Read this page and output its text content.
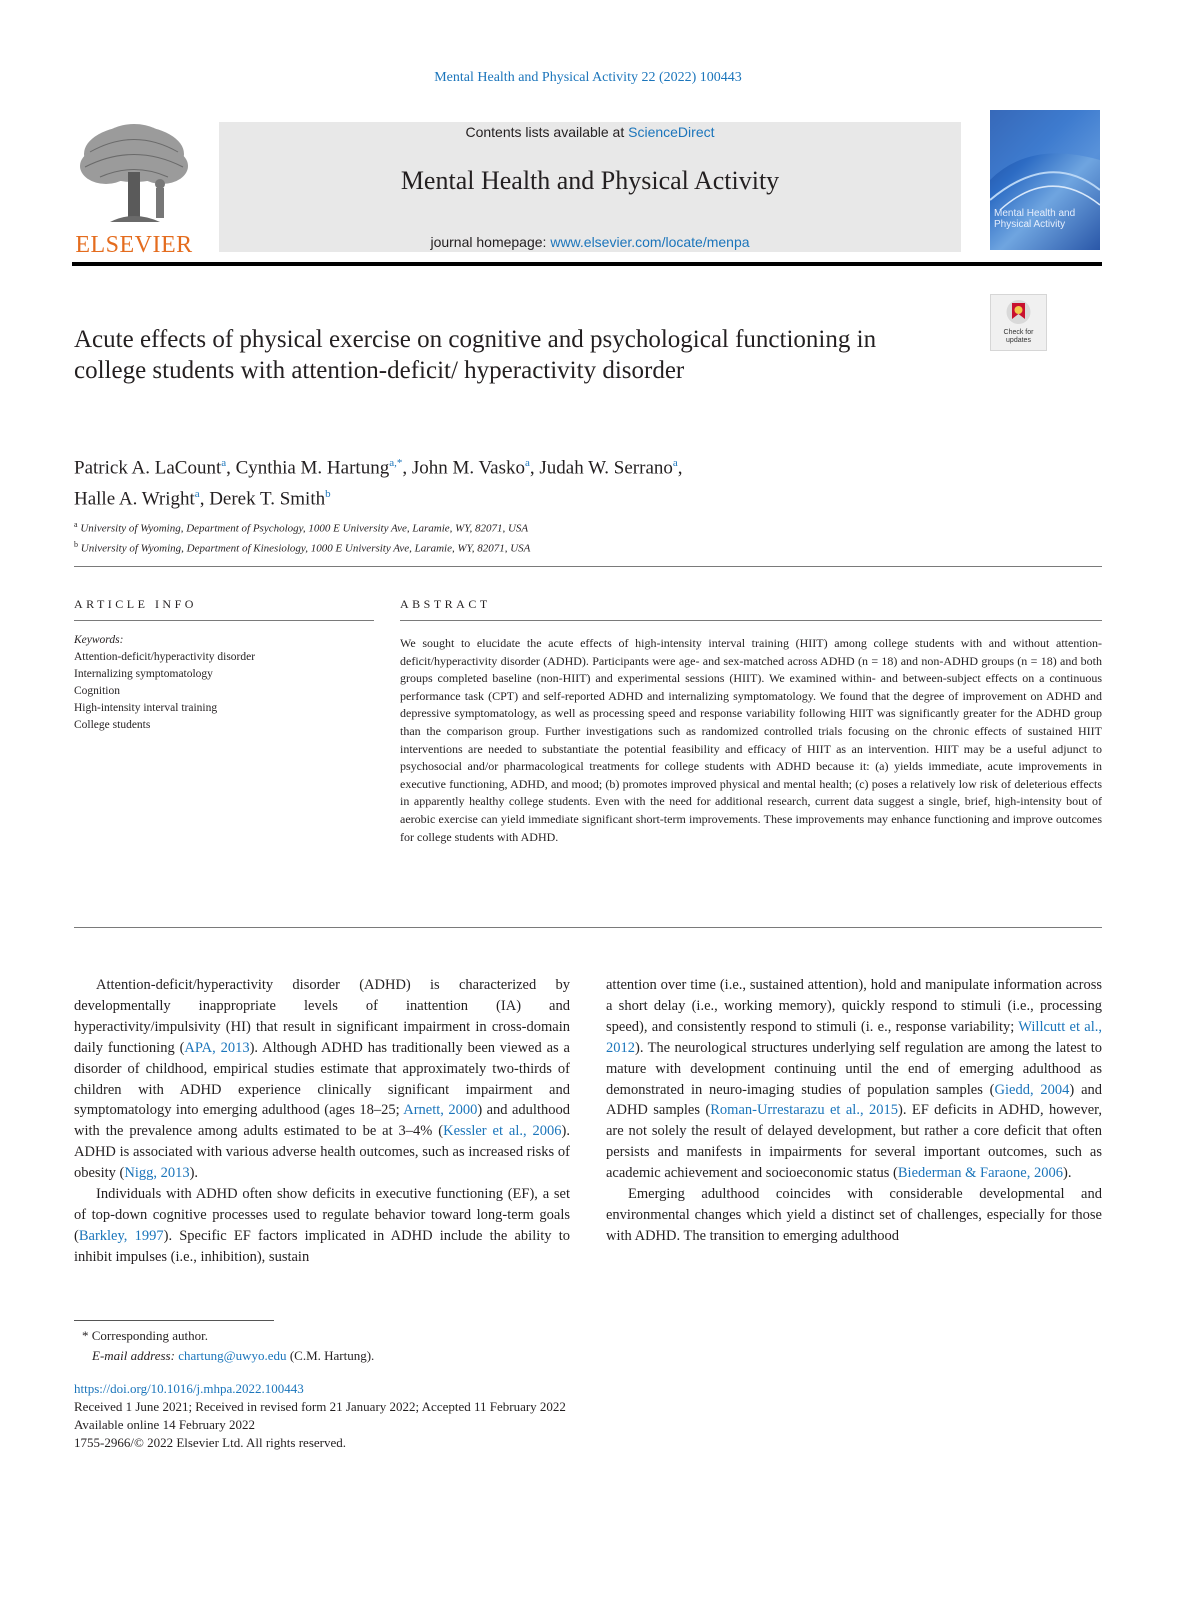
Mental Health and Physical Activity 22 (2022) 100443
ELSEVIER
Contents lists available at ScienceDirect
Mental Health and Physical Activity
journal homepage: www.elsevier.com/locate/menpa
Mental Health and Physical Activity
Acute effects of physical exercise on cognitive and psychological functioning in college students with attention-deficit/ hyperactivity disorder
Check for updates
Patrick A. LaCount$^a$, Cynthia M. Hartung$^{a,*}$, John M. Vasko$^a$, Judah W. Serrano$^a$,
Halle A. Wright$^a$, Derek T. Smith$^b$
$^a$ University of Wyoming, Department of Psychology, 1000 E University Ave, Laramie, WY, 82071, USA
$^b$ University of Wyoming, Department of Kinesiology, 1000 E University Ave, Laramie, WY, 82071, USA
ARTICLE INFO	ABSTRACT
Keywords:
Attention-deficit/hyperactivity disorder
Internalizing symptomatology
Cognition
High-intensity interval training
College students
We sought to elucidate the acute effects of high-intensity interval training (HIIT) among college students with and without attention-deficit/hyperactivity disorder (ADHD). Participants were age- and sex-matched across ADHD (n = 18) and non-ADHD groups (n = 18) and both groups completed baseline (non-HIIT) and experimental sessions (HIIT). We examined within- and between-subject effects on a continuous performance task (CPT) and self-reported ADHD and internalizing symptomatology. We found that the degree of improvement on ADHD and depressive symptomatology, as well as processing speed and response variability following HIIT was significantly greater for the ADHD group than the comparison group. Further investigations such as randomized controlled trials focusing on the chronic effects of sustained HIIT interventions are needed to substantiate the potential feasibility and efficacy of HIIT as an intervention. HIIT may be a useful adjunct to psychosocial and/or pharmacological treatments for college students with ADHD because it: (a) yields immediate, acute improvements in executive functioning, ADHD, and mood; (b) promotes improved physical and mental health; (c) poses a relatively low risk of deleterious effects in apparently healthy college students. Even with the need for additional research, current data suggest a single, brief, high-intensity bout of aerobic exercise can yield immediate significant short-term improvements. These improvements may enhance functioning and improve outcomes for college students with ADHD.

Attention-deficit/hyperactivity disorder (ADHD) is characterized by developmentally inappropriate levels of inattention (IA) and hyperactivity/impulsivity (HI) that result in significant impairment in cross-domain daily functioning (APA, 2013). Although ADHD has traditionally been viewed as a disorder of childhood, empirical studies estimate that approximately two-thirds of children with ADHD experience clinically significant impairment and symptomatology into emerging adulthood (ages 18–25; Arnett, 2000) and adulthood with the prevalence among adults estimated to be at 3–4% (Kessler et al., 2006). ADHD is associated with various adverse health outcomes, such as increased risks of obesity (Nigg, 2013).

Individuals with ADHD often show deficits in executive functioning (EF), a set of top-down cognitive processes used to regulate behavior toward long-term goals (Barkley, 1997). Specific EF factors implicated in ADHD include the ability to inhibit impulses (i.e., inhibition), sustain

attention over time (i.e., sustained attention), hold and manipulate information across a short delay (i.e., working memory), quickly respond to stimuli (i.e., processing speed), and consistently respond to stimuli (i. e., response variability; Willcutt et al., 2012). The neurological structures underlying self regulation are among the latest to mature with development continuing until the end of emerging adulthood as demonstrated in neuro-imaging studies of population samples (Giedd, 2004) and ADHD samples (Roman-Urrestarazu et al., 2015). EF deficits in ADHD, however, are not solely the result of delayed development, but rather a core deficit that often persists and manifests in impairments for several important outcomes, such as academic achievement and socioeconomic status (Biederman & Faraone, 2006).

Emerging adulthood coincides with considerable developmental and environmental changes which yield a distinct set of challenges, especially for those with ADHD. The transition to emerging adulthood

* Corresponding author.
E-mail address: chartung@uwyo.edu (C.M. Hartung).
https://doi.org/10.1016/j.mhpa.2022.100443
Received 1 June 2021; Received in revised form 21 January 2022; Accepted 11 February 2022
Available online 14 February 2022
1755-2966/© 2022 Elsevier Ltd. All rights reserved.
